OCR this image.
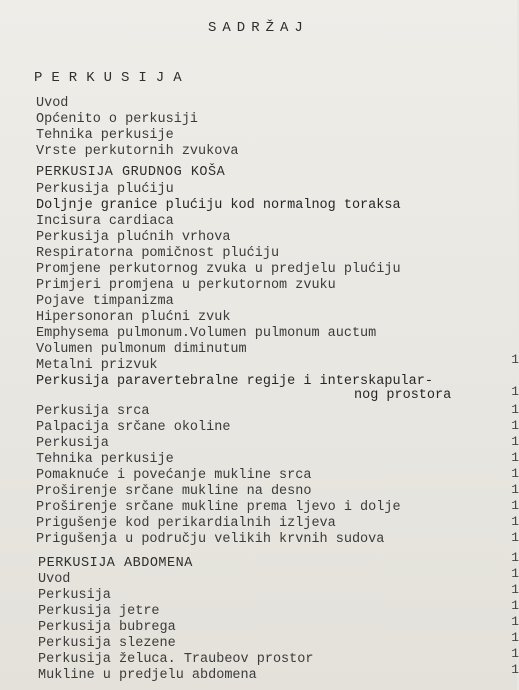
SADRŽAJ
PERKUSIJA
Uvod
Općenito o perkusiji
Tehnika perkusije
Vrste perkutornih zvukova
PERKUSIJA GRUDNOG KOŠA
Perkusija plućiju
Doljnje granice plućiju kod normalnog toraksa
Incisura cardiaca
Perkusija plućnih vrhova
Respiratorna pomičnost plućiju
Promjene perkutornog zvuka u predjelu plućiju
Primjeri promjena u perkutornom zvuku
Pojave timpanizma
Hipersonoran plućni zvuk
Emphysema pulmonum.Volumen pulmonum auctum
Volumen pulmonum diminutum
Metalni prizvuk
Perkusija paravertebralne regije i interskapular-
nog prostora
Perkusija srca
Palpacija srčane okoline
Perkusija
Tehnika perkusije
Pomaknuće i povećanje mukline srca
Proširenje srčane mukline na desno
Proširenje srčane mukline prema ljevo i dolje
Prigušenje kod perikardialnih izljeva
Prigušenja u području velikih krvnih sudova
PERKUSIJA ABDOMENA
Uvod
Perkusija
Perkusija jetre
Perkusija bubrega
Perkusija slezene
Perkusija želuca. Traubeov prostor
Mukline u predjelu abdomena
1
1
1
1
1
1
1
1
1
1
1
1
1
1
1
1
1
1
1
